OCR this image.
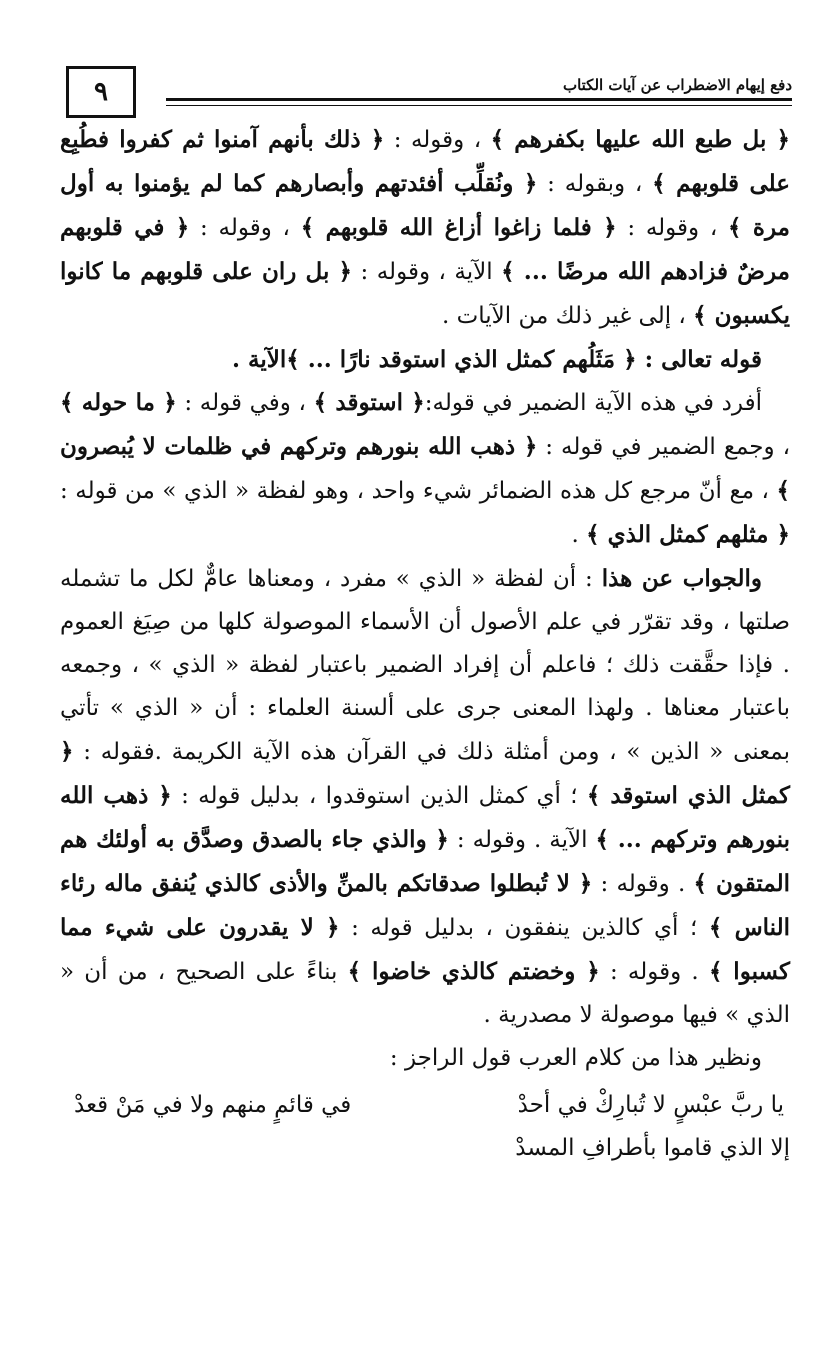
٩	دفع إيهام الاضطراب عن آيات الكتاب

﴿ بل طبع الله عليها بكفرهم ﴾ ، وقوله : ﴿ ذلك بأنهم آمنوا ثم كفروا فطُبِع على قلوبهم ﴾ ، وبقوله : ﴿ ونُقلِّب أفئدتهم وأبصارهم كما لم يؤمنوا به أول مرة ﴾ ، وقوله : ﴿ فلما زاغوا أزاغ الله قلوبهم ﴾ ، وقوله : ﴿ في قلوبهم مرضٌ فزادهم الله مرضًا ... ﴾ الآية ، وقوله : ﴿ بل ران على قلوبهم ما كانوا يكسبون ﴾ ، إلى غير ذلك من الآيات .

قوله تعالى : ﴿ مَثَلُهم كمثل الذي استوقد نارًا ... ﴾الآية .

أفرد في هذه الآية الضمير في قوله:﴿ استوقد ﴾ ، وفي قوله : ﴿ ما حوله ﴾ ، وجمع الضمير في قوله : ﴿ ذهب الله بنورهم وتركهم في ظلمات لا يُبصرون ﴾ ، مع أنّ مرجع كل هذه الضمائر شيء واحد ، وهو لفظة « الذي » من قوله : ﴿ مثلهم كمثل الذي ﴾ .

والجواب عن هذا : أن لفظة « الذي » مفرد ، ومعناها عامٌّ لكل ما تشمله صلتها ، وقد تقرّر في علم الأصول أن الأسماء الموصولة كلها من صِيَغ العموم . فإذا حقَّقت ذلك ؛ فاعلم أن إفراد الضمير باعتبار لفظة « الذي » ، وجمعه باعتبار معناها . ولهذا المعنى جرى على ألسنة العلماء : أن « الذي » تأتي بمعنى « الذين » ، ومن أمثلة ذلك في القرآن هذه الآية الكريمة .فقوله : ﴿ كمثل الذي استوقد ﴾ ؛ أي كمثل الذين استوقدوا ، بدليل قوله : ﴿ ذهب الله بنورهم وتركهم ... ﴾ الآية . وقوله : ﴿ والذي جاء بالصدق وصدَّق به أولئك هم المتقون ﴾ . وقوله : ﴿ لا تُبطلوا صدقاتكم بالمنِّ والأذى كالذي يُنفق ماله رئاء الناس ﴾ ؛ أي كالذين ينفقون ، بدليل قوله : ﴿ لا يقدرون على شيء مما كسبوا ﴾ . وقوله : ﴿ وخضتم كالذي خاضوا ﴾ بناءً على الصحيح ، من أن « الذي » فيها موصولة لا مصدرية .

ونظير هذا من كلام العرب قول الراجز :

يا ربَّ عبْسٍ لا تُبارِكْ في أحدْ
في قائمٍ منهم ولا في مَنْ قعدْ
إلا الذي قاموا بأطرافِ المسدْ
